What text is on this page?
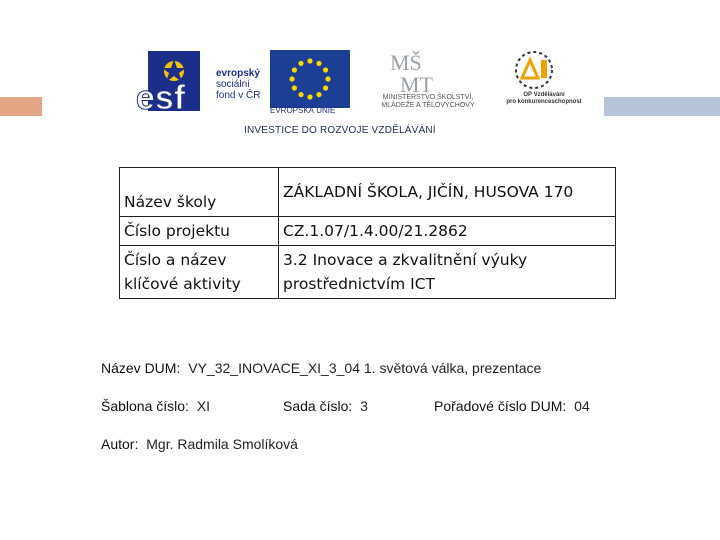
esf
evropský
sociální
fond v ČR
EVROPSKÁ UNIE
MŠ
MT
MINISTERSTVO ŠKOLSTVÍ,
MLÁDEŽE A TĚLOVÝCHOVY
OP Vzdělávání
pro konkurenceschopnost
INVESTICE DO ROZVOJE VZDĚLÁVÁNÍ
Název školy	ZÁKLADNÍ ŠKOLA, JIČÍN, HUSOVA 170
Číslo projektu	CZ.1.07/1.4.00/21.2862
Číslo a název klíčové aktivity	3.2 Inovace a zkvalitnění výuky prostřednictvím ICT
Název DUM: VY_32_INOVACE_XI_3_04 1. světová válka, prezentace
Šablona číslo: XI	Sada číslo: 3	Pořadové číslo DUM: 04
Autor: Mgr. Radmila Smolíková
